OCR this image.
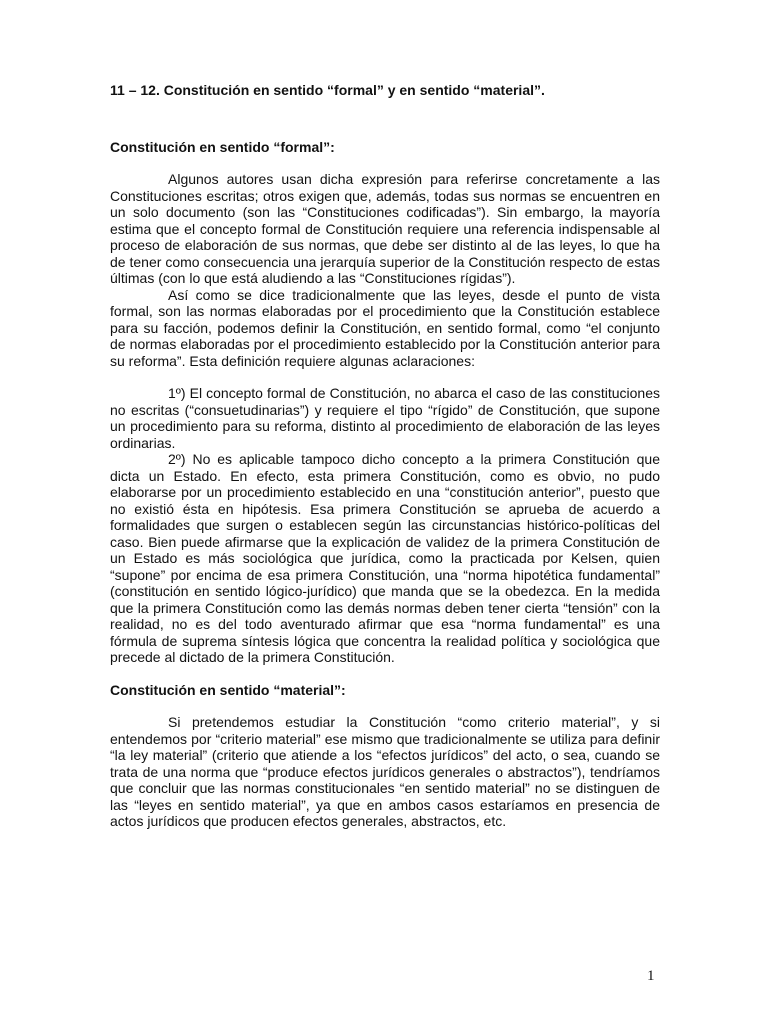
11 – 12. Constitución en sentido “formal” y en sentido “material”.

Constitución en sentido “formal”:

Algunos autores usan dicha expresión para referirse concretamente a las Constituciones escritas; otros exigen que, además, todas sus normas se encuentren en un solo documento (son las “Constituciones codificadas”). Sin embargo, la mayoría estima que el concepto formal de Constitución requiere una referencia indispensable al proceso de elaboración de sus normas, que debe ser distinto al de las leyes, lo que ha de tener como consecuencia una jerarquía superior de la Constitución respecto de estas últimas (con lo que está aludiendo a las “Constituciones rígidas”).

Así como se dice tradicionalmente que las leyes, desde el punto de vista formal, son las normas elaboradas por el procedimiento que la Constitución establece para su facción, podemos definir la Constitución, en sentido formal, como “el conjunto de normas elaboradas por el procedimiento establecido por la Constitución anterior para su reforma”. Esta definición requiere algunas aclaraciones:

1º) El concepto formal de Constitución, no abarca el caso de las constituciones no escritas (“consuetudinarias”) y requiere el tipo “rígido” de Constitución, que supone un procedimiento para su reforma, distinto al procedimiento de elaboración de las leyes ordinarias.

2º) No es aplicable tampoco dicho concepto a la primera Constitución que dicta un Estado. En efecto, esta primera Constitución, como es obvio, no pudo elaborarse por un procedimiento establecido en una “constitución anterior”, puesto que no existió ésta en hipótesis. Esa primera Constitución se aprueba de acuerdo a formalidades que surgen o establecen según las circunstancias histórico-políticas del caso. Bien puede afirmarse que la explicación de validez de la primera Constitución de un Estado es más sociológica que jurídica, como la practicada por Kelsen, quien “supone” por encima de esa primera Constitución, una “norma hipotética fundamental” (constitución en sentido lógico-jurídico) que manda que se la obedezca. En la medida que la primera Constitución como las demás normas deben tener cierta “tensión” con la realidad, no es del todo aventurado afirmar que esa “norma fundamental” es una fórmula de suprema síntesis lógica que concentra la realidad política y sociológica que precede al dictado de la primera Constitución.

Constitución en sentido “material”:

Si pretendemos estudiar la Constitución “como criterio material”, y si entendemos por “criterio material” ese mismo que tradicionalmente se utiliza para definir “la ley material” (criterio que atiende a los “efectos jurídicos” del acto, o sea, cuando se trata de una norma que “produce efectos jurídicos generales o abstractos”), tendríamos que concluir que las normas constitucionales “en sentido material” no se distinguen de las “leyes en sentido material”, ya que en ambos casos estaríamos en presencia de actos jurídicos que producen efectos generales, abstractos, etc.

1
